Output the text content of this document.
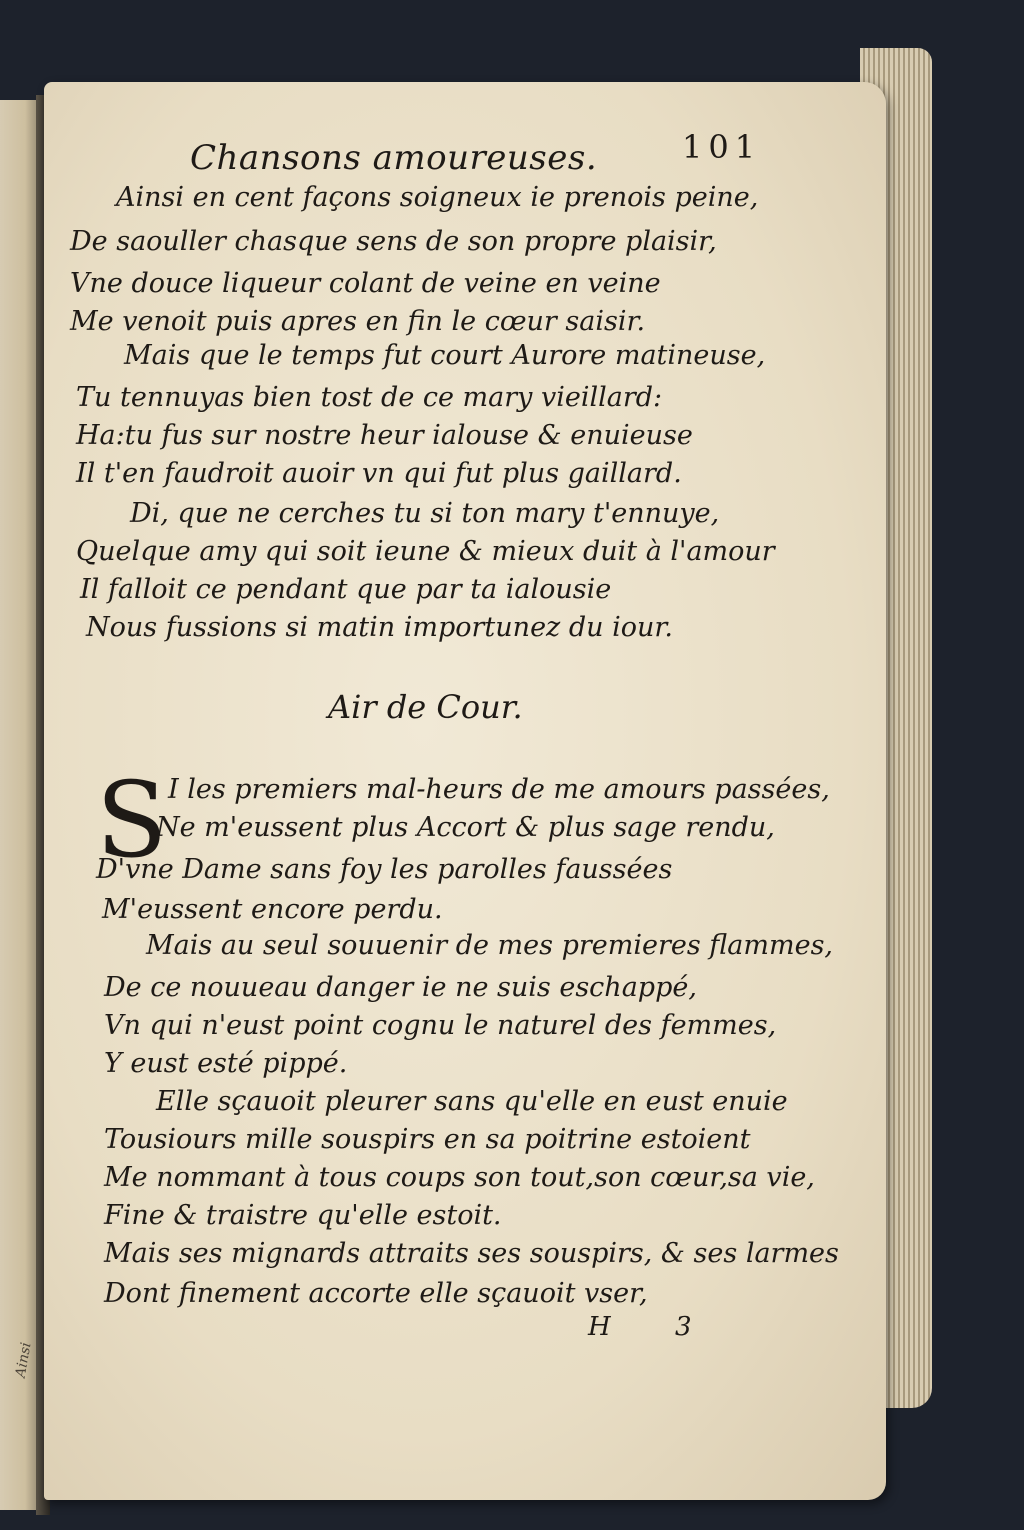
Ainsi
Chansons amoureuses.	101
Ainsi en cent façons soigneux ie prenois peine,
De saouller chasque sens de son propre plaisir,
Vne douce liqueur colant de veine en veine
Me venoit puis apres en fin le cœur saisir.
Mais que le temps fut court Aurore matineuse,
Tu tennuyas bien tost de ce mary vieillard:
Ha:tu fus sur nostre heur ialouse & enuieuse
Il t'en faudroit auoir vn qui fut plus gaillard.
Di, que ne cerches tu si ton mary t'ennuye,
Quelque amy qui soit ieune & mieux duit à l'amour
Il falloit ce pendant que par ta ialousie
Nous fussions si matin importunez du iour.
Air de Cour.
S I les premiers mal-heurs de me amours passées,
Ne m'eussent plus Accort & plus sage rendu,
D'vne Dame sans foy les parolles faussées
M'eussent encore perdu.
Mais au seul souuenir de mes premieres flammes,
De ce nouueau danger ie ne suis eschappé,
Vn qui n'eust point cognu le naturel des femmes,
Y eust esté pippé.
Elle sçauoit pleurer sans qu'elle en eust enuie
Tousiours mille souspirs en sa poitrine estoient
Me nommant à tous coups son tout,son cœur,sa vie,
Fine & traistre qu'elle estoit.
Mais ses mignards attraits ses souspirs, & ses larmes
Dont finement accorte elle sçauoit vser,
H 3
